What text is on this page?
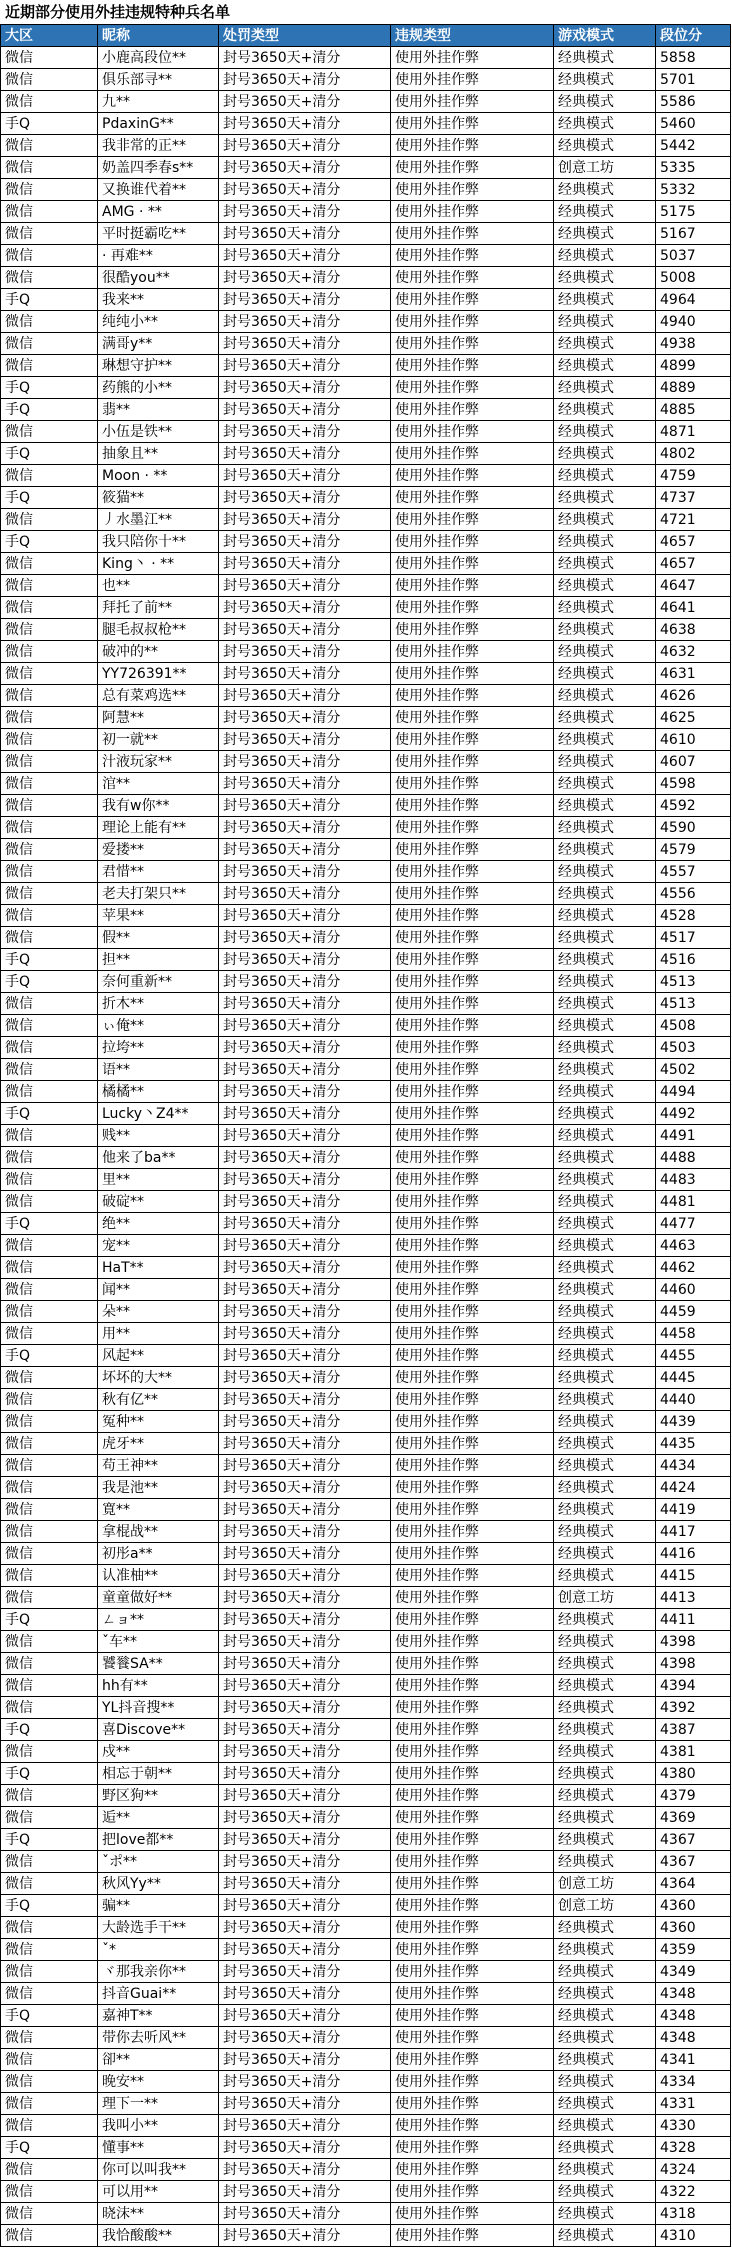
近期部分使用外挂违规特种兵名单
大区	昵称	处罚类型	违规类型	游戏模式	段位分
微信	小鹿高段位**	封号3650天+清分	使用外挂作弊	经典模式	5858
微信	俱乐部寻**	封号3650天+清分	使用外挂作弊	经典模式	5701
微信	九**	封号3650天+清分	使用外挂作弊	经典模式	5586
手Q	PdaxinG**	封号3650天+清分	使用外挂作弊	经典模式	5460
微信	我非常的正**	封号3650天+清分	使用外挂作弊	经典模式	5442
微信	奶盖四季春s**	封号3650天+清分	使用外挂作弊	创意工坊	5335
微信	又换谁代着**	封号3650天+清分	使用外挂作弊	经典模式	5332
微信	AMG · **	封号3650天+清分	使用外挂作弊	经典模式	5175
微信	平时挺霸吃**	封号3650天+清分	使用外挂作弊	经典模式	5167
微信	· 再难**	封号3650天+清分	使用外挂作弊	经典模式	5037
微信	很酷you**	封号3650天+清分	使用外挂作弊	经典模式	5008
手Q	我来**	封号3650天+清分	使用外挂作弊	经典模式	4964
微信	纯纯小**	封号3650天+清分	使用外挂作弊	经典模式	4940
微信	满哥y**	封号3650天+清分	使用外挂作弊	经典模式	4938
微信	琳想守护**	封号3650天+清分	使用外挂作弊	经典模式	4899
手Q	药熊的小**	封号3650天+清分	使用外挂作弊	经典模式	4889
手Q	翡**	封号3650天+清分	使用外挂作弊	经典模式	4885
微信	小伍是铁**	封号3650天+清分	使用外挂作弊	经典模式	4871
手Q	抽象且**	封号3650天+清分	使用外挂作弊	经典模式	4802
微信	Moon · **	封号3650天+清分	使用外挂作弊	经典模式	4759
手Q	筱猫**	封号3650天+清分	使用外挂作弊	经典模式	4737
微信	丿水墨江**	封号3650天+清分	使用外挂作弊	经典模式	4721
手Q	我只陪你十**	封号3650天+清分	使用外挂作弊	经典模式	4657
微信	King丶 · **	封号3650天+清分	使用外挂作弊	经典模式	4657
微信	也**	封号3650天+清分	使用外挂作弊	经典模式	4647
微信	拜托了前**	封号3650天+清分	使用外挂作弊	经典模式	4641
微信	腿毛叔叔枪**	封号3650天+清分	使用外挂作弊	经典模式	4638
微信	破冲的**	封号3650天+清分	使用外挂作弊	经典模式	4632
微信	YY726391**	封号3650天+清分	使用外挂作弊	经典模式	4631
微信	总有菜鸡选**	封号3650天+清分	使用外挂作弊	经典模式	4626
微信	阿慧**	封号3650天+清分	使用外挂作弊	经典模式	4625
微信	初一就**	封号3650天+清分	使用外挂作弊	经典模式	4610
微信	汁液玩家**	封号3650天+清分	使用外挂作弊	经典模式	4607
微信	涫**	封号3650天+清分	使用外挂作弊	经典模式	4598
微信	我有w你**	封号3650天+清分	使用外挂作弊	经典模式	4592
微信	理论上能有**	封号3650天+清分	使用外挂作弊	经典模式	4590
微信	爱搂**	封号3650天+清分	使用外挂作弊	经典模式	4579
微信	君惜**	封号3650天+清分	使用外挂作弊	经典模式	4557
微信	老夫打架只**	封号3650天+清分	使用外挂作弊	经典模式	4556
微信	苹果**	封号3650天+清分	使用外挂作弊	经典模式	4528
微信	假**	封号3650天+清分	使用外挂作弊	经典模式	4517
手Q	担**	封号3650天+清分	使用外挂作弊	经典模式	4516
手Q	奈何重新**	封号3650天+清分	使用外挂作弊	经典模式	4513
微信	折木**	封号3650天+清分	使用外挂作弊	经典模式	4513
微信	ぃ俺**	封号3650天+清分	使用外挂作弊	经典模式	4508
微信	拉垮**	封号3650天+清分	使用外挂作弊	经典模式	4503
微信	语**	封号3650天+清分	使用外挂作弊	经典模式	4502
微信	橘橘**	封号3650天+清分	使用外挂作弊	经典模式	4494
手Q	Lucky丶Z4**	封号3650天+清分	使用外挂作弊	经典模式	4492
微信	贱**	封号3650天+清分	使用外挂作弊	经典模式	4491
微信	他来了ba**	封号3650天+清分	使用外挂作弊	经典模式	4488
微信	里**	封号3650天+清分	使用外挂作弊	经典模式	4483
微信	破碇**	封号3650天+清分	使用外挂作弊	经典模式	4481
手Q	绝**	封号3650天+清分	使用外挂作弊	经典模式	4477
微信	宠**	封号3650天+清分	使用外挂作弊	经典模式	4463
微信	HaT**	封号3650天+清分	使用外挂作弊	经典模式	4462
微信	闻**	封号3650天+清分	使用外挂作弊	经典模式	4460
微信	朵**	封号3650天+清分	使用外挂作弊	经典模式	4459
微信	用**	封号3650天+清分	使用外挂作弊	经典模式	4458
手Q	风起**	封号3650天+清分	使用外挂作弊	经典模式	4455
微信	坏坏的大**	封号3650天+清分	使用外挂作弊	经典模式	4445
微信	秋有亿**	封号3650天+清分	使用外挂作弊	经典模式	4440
微信	冤种**	封号3650天+清分	使用外挂作弊	经典模式	4439
微信	虎牙**	封号3650天+清分	使用外挂作弊	经典模式	4435
微信	苟王神**	封号3650天+清分	使用外挂作弊	经典模式	4434
微信	我是池**	封号3650天+清分	使用外挂作弊	经典模式	4424
微信	寛**	封号3650天+清分	使用外挂作弊	经典模式	4419
微信	拿棍战**	封号3650天+清分	使用外挂作弊	经典模式	4417
微信	初彤a**	封号3650天+清分	使用外挂作弊	经典模式	4416
微信	认准柚**	封号3650天+清分	使用外挂作弊	经典模式	4415
微信	童童做好**	封号3650天+清分	使用外挂作弊	创意工坊	4413
手Q	ㄥョ**	封号3650天+清分	使用外挂作弊	经典模式	4411
微信	ˇ车**	封号3650天+清分	使用外挂作弊	经典模式	4398
微信	饕餮SA**	封号3650天+清分	使用外挂作弊	经典模式	4398
微信	hh有**	封号3650天+清分	使用外挂作弊	经典模式	4394
微信	YL抖音搜**	封号3650天+清分	使用外挂作弊	经典模式	4392
手Q	喜Discove**	封号3650天+清分	使用外挂作弊	经典模式	4387
微信	戍**	封号3650天+清分	使用外挂作弊	经典模式	4381
手Q	相忘于朝**	封号3650天+清分	使用外挂作弊	经典模式	4380
微信	野区狗**	封号3650天+清分	使用外挂作弊	经典模式	4379
微信	逅**	封号3650天+清分	使用外挂作弊	经典模式	4369
手Q	把love都**	封号3650天+清分	使用外挂作弊	经典模式	4367
微信	ˇポ**	封号3650天+清分	使用外挂作弊	经典模式	4367
微信	秋风Yy**	封号3650天+清分	使用外挂作弊	创意工坊	4364
手Q	骗**	封号3650天+清分	使用外挂作弊	创意工坊	4360
微信	大龄选手干**	封号3650天+清分	使用外挂作弊	经典模式	4360
微信	ˇ*	封号3650天+清分	使用外挂作弊	经典模式	4359
微信	ヾ那我亲你**	封号3650天+清分	使用外挂作弊	经典模式	4349
微信	抖音Guai**	封号3650天+清分	使用外挂作弊	经典模式	4348
手Q	嘉神T**	封号3650天+清分	使用外挂作弊	经典模式	4348
微信	带你去听风**	封号3650天+清分	使用外挂作弊	经典模式	4348
微信	卻**	封号3650天+清分	使用外挂作弊	经典模式	4341
微信	晚安**	封号3650天+清分	使用外挂作弊	经典模式	4334
微信	理下一**	封号3650天+清分	使用外挂作弊	经典模式	4331
微信	我叫小**	封号3650天+清分	使用外挂作弊	经典模式	4330
手Q	懂事**	封号3650天+清分	使用外挂作弊	经典模式	4328
微信	你可以叫我**	封号3650天+清分	使用外挂作弊	经典模式	4324
微信	可以用**	封号3650天+清分	使用外挂作弊	经典模式	4322
微信	晓沫**	封号3650天+清分	使用外挂作弊	经典模式	4318
微信	我恰酸酸**	封号3650天+清分	使用外挂作弊	经典模式	4310
